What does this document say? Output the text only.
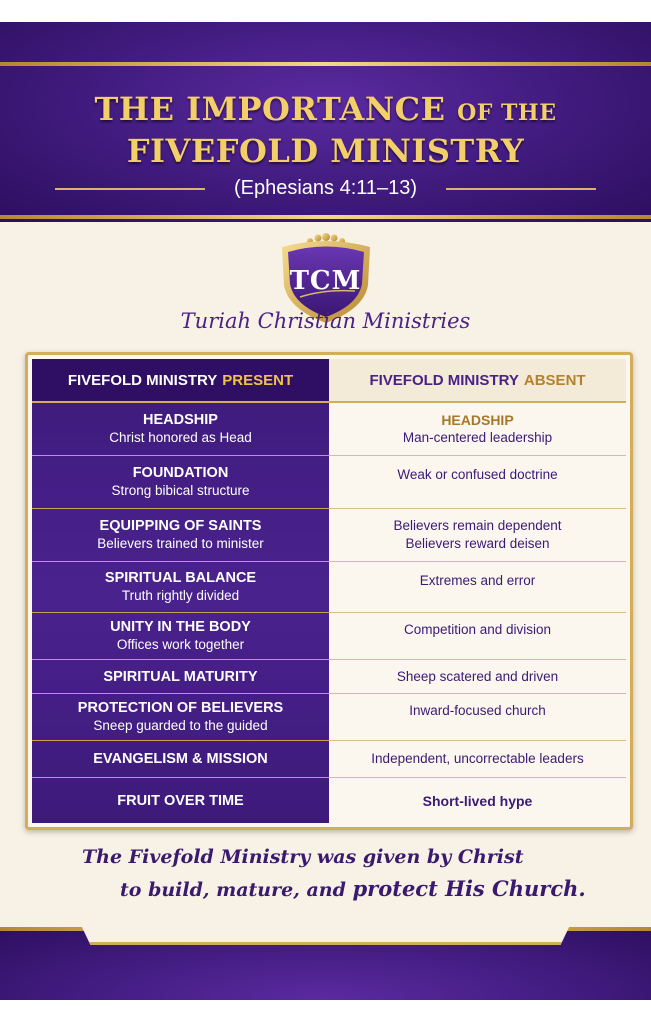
THE IMPORTANCE OF THE
FIVEFOLD MINISTRY
(Ephesians 4:11–13)
TCM
Turiah Christian Ministries
FIVEFOLD MINISTRY PRESENT
HEADSHIP
Christ honored as Head
FOUNDATION
Strong bibical structure
EQUIPPING OF SAINTS
Believers trained to minister
SPIRITUAL BALANCE
Truth rightly divided
UNITY IN THE BODY
Offices work together
SPIRITUAL MATURITY
PROTECTION OF BELIEVERS
Sneep guarded to the guided
EVANGELISM & MISSION
FRUIT OVER TIME
FIVEFOLD MINISTRY ABSENT
HEADSHIP
Man-centered leadership
Weak or confused doctrine
Believers remain dependent
Believers reward deisen
Extremes and error
Competition and division
Sheep scatered and driven
Inward-focused church
Independent, uncorrectable leaders
Short-lived hype
The Fivefold Ministry was given by Christ
to build, mature, and protect His Church.
